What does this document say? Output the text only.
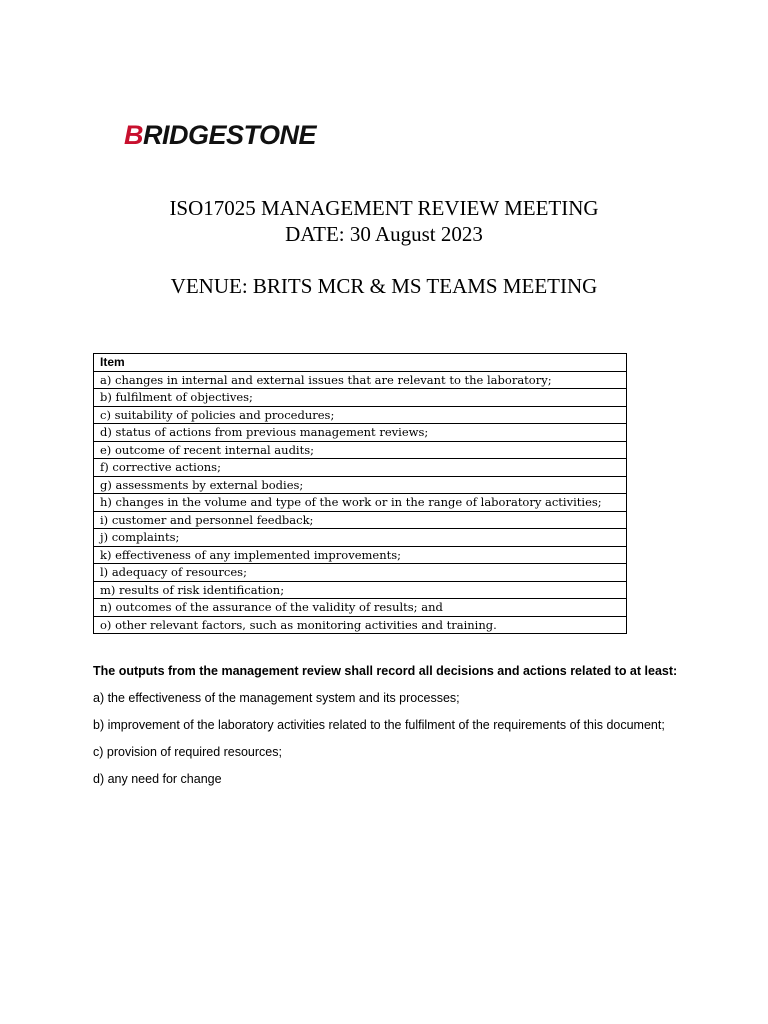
BRIDGESTONE
ISO17025 MANAGEMENT REVIEW MEETING
DATE: 30 August 2023
VENUE: BRITS MCR & MS TEAMS MEETING
Item
a) changes in internal and external issues that are relevant to the laboratory;
b) fulfilment of objectives;
c) suitability of policies and procedures;
d) status of actions from previous management reviews;
e) outcome of recent internal audits;
f) corrective actions;
g) assessments by external bodies;
h) changes in the volume and type of the work or in the range of laboratory activities;
i) customer and personnel feedback;
j) complaints;
k) effectiveness of any implemented improvements;
l) adequacy of resources;
m) results of risk identification;
n) outcomes of the assurance of the validity of results; and
o) other relevant factors, such as monitoring activities and training.

The outputs from the management review shall record all decisions and actions related to at least:

a) the effectiveness of the management system and its processes;

b) improvement of the laboratory activities related to the fulfilment of the requirements of this document;

c) provision of required resources;

d) any need for change
